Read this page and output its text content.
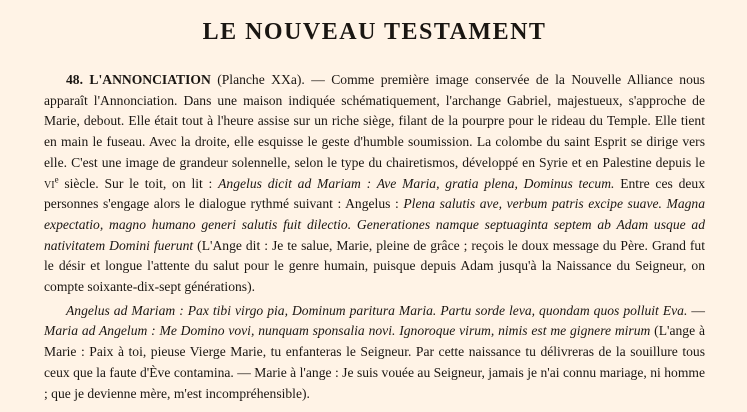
LE NOUVEAU TESTAMENT

48. L'ANNONCIATION (Planche XXa). — Comme première image conservée de la Nouvelle Alliance nous apparaît l'Annonciation. Dans une maison indiquée schématiquement, l'archange Gabriel, majestueux, s'approche de Marie, debout. Elle était tout à l'heure assise sur un riche siège, filant de la pourpre pour le rideau du Temple. Elle tient en main le fuseau. Avec la droite, elle esquisse le geste d'humble soumission. La colombe du saint Esprit se dirige vers elle. C'est une image de grandeur solennelle, selon le type du chairetismos, développé en Syrie et en Palestine depuis le $vi^e$ siècle. Sur le toit, on lit : Angelus dicit ad Mariam : Ave Maria, gratia plena, Dominus tecum. Entre ces deux personnes s'engage alors le dialogue rythmé suivant : Angelus : Plena salutis ave, verbum patris excipe suave. Magna expectatio, magno humano generi salutis fuit dilectio. Generationes namque septuaginta septem ab Adam usque ad nativitatem Domini fuerunt (L'Ange dit : Je te salue, Marie, pleine de grâce ; reçois le doux message du Père. Grand fut le désir et longue l'attente du salut pour le genre humain, puisque depuis Adam jusqu'à la Naissance du Seigneur, on compte soixante-dix-sept générations).

Angelus ad Mariam : Pax tibi virgo pia, Dominum paritura Maria. Partu sorde leva, quondam quos polluit Eva. — Maria ad Angelum : Me Domino vovi, nunquam sponsalia novi. Ignoroque virum, nimis est me gignere mirum (L'ange à Marie : Paix à toi, pieuse Vierge Marie, tu enfanteras le Seigneur. Par cette naissance tu délivreras de la souillure tous ceux que la faute d'Ève contamina. — Marie à l'ange : Je suis vouée au Seigneur, jamais je n'ai connu mariage, ni homme ; que je devienne mère, m'est incompréhensible).
